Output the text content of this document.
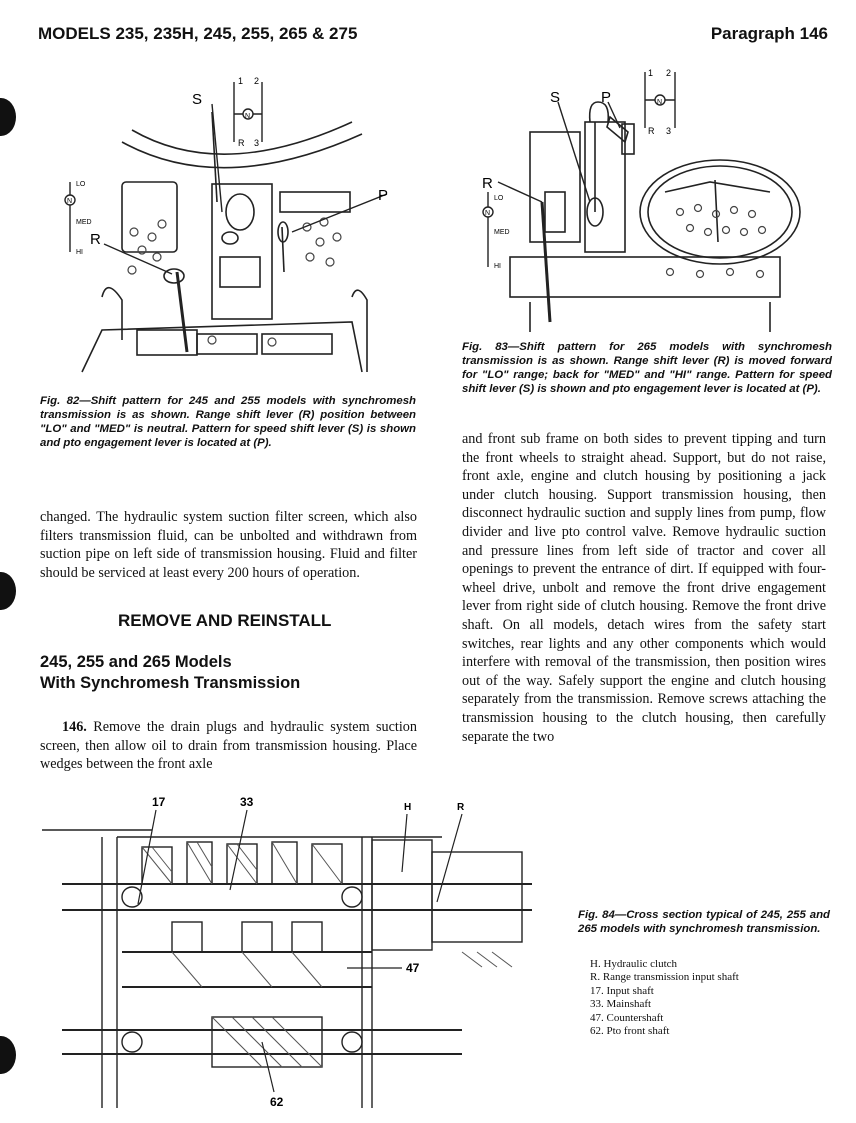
MODELS 235, 235H, 245, 255, 265 & 275	Paragraph 146
S
P
R
1 2
3
R
N
LO
N
MED
HI

Fig. 82—Shift pattern for 245 and 255 models with synchromesh transmission is as shown. Range shift lever (R) position between "LO" and "MED" is neutral. Pattern for speed shift lever (S) is shown and pto engagement lever is located at (P).

S	P
R
1 2
3
R
N
LO
N
MED
HI

Fig. 83—Shift pattern for 265 models with synchromesh transmission is as shown. Range shift lever (R) is moved forward for "LO" range; back for "MED" and "HI" range. Pattern for speed shift lever (S) is shown and pto engagement lever is located at (P).

changed. The hydraulic system suction filter screen, which also filters transmission fluid, can be unbolted and withdrawn from suction pipe on left side of transmission housing. Fluid and filter should be serviced at least every 200 hours of operation.

REMOVE AND REINSTALL
245, 255 and 265 Models
With Synchromesh Transmission

146. Remove the drain plugs and hydraulic system suction screen, then allow oil to drain from transmission housing. Place wedges between the front axle

and front sub frame on both sides to prevent tipping and turn the front wheels to straight ahead. Support, but do not raise, front axle, engine and clutch housing by positioning a jack under clutch housing. Support transmission housing, then disconnect hydraulic suction and supply lines from pump, flow divider and live pto control valve. Remove hydraulic suction and pressure lines from left side of tractor and cover all openings to prevent the entrance of dirt. If equipped with four-wheel drive, unbolt and remove the front drive engagement lever from right side of clutch housing. Remove the front drive shaft. On all models, detach wires from the safety start switches, rear lights and any other components which would interfere with removal of the transmission, then position wires out of the way. Safely support the engine and clutch housing separately from the transmission. Remove screws attaching the transmission housing to the clutch housing, then carefully separate the two

17	33	H	R
47
62

Fig. 84—Cross section typical of 245, 255 and 265 models with synchromesh transmission.

H. Hydraulic clutch
R. Range transmission input shaft
17. Input shaft
33. Mainshaft
47. Countershaft
62. Pto front shaft
